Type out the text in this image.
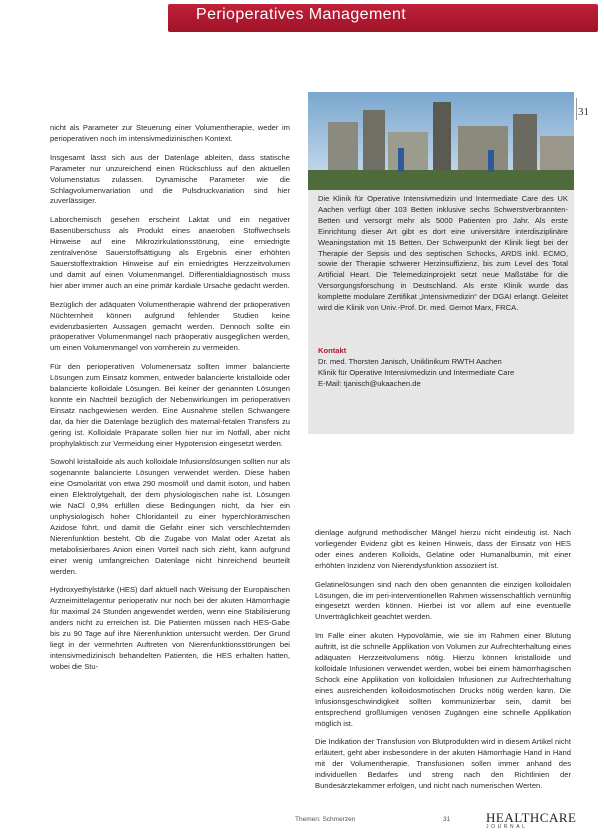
Perioperatives Management
31
Die Klinik für Operative Intensivmedizin und Intermediate Care des UK Aachen verfügt über 103 Betten inklusive sechs Schwerstverbrannten-Betten und versorgt mehr als 5000 Patienten pro Jahr. Als erste Einrichtung dieser Art gibt es dort eine universitäre interdisziplinäre Weaningstation mit 15 Betten. Der Schwerpunkt der Klinik liegt bei der Therapie der Sepsis und des septischen Schocks, ARDS inkl. ECMO, sowie der Therapie schwerer Herzinsuffizienz, bis zum Level des Total Artificial Heart. Die Telemedizinprojekt setzt neue Maßstäbe für die Versorgungsforschung in Deutschland. Als erste Klinik wurde das komplette modulare Zertifikat „Intensivmedizin“ der DGAI erlangt. Geleitet wird die Klinik von Univ.-Prof. Dr. med. Gernot Marx, FRCA.
Kontakt
Dr. med. Thorsten Janisch, Uniklinikum RWTH Aachen
Klinik für Operative Intensivmedizin und Intermediate Care
E-Mail: tjanisch@ukaachen.de

nicht als Parameter zur Steuerung einer Volumentherapie, weder im perioperativen noch im intensivmedizinischen Kontext.

Insgesamt lässt sich aus der Datenlage ableiten, dass statische Parameter nur unzureichend einen Rückschluss auf den aktuellen Volumenstatus zulassen. Dynamische Parameter wie die Schlagvolumenvariation und die Pulsdruckvariation sind hier zuverlässiger.

Laborchemisch gesehen erscheint Laktat und ein negativer Basenüberschuss als Produkt eines anaeroben Stoffwechsels Hinweise auf eine Mikrozirkulationsstörung, eine erniedrigte zentralvenöse Sauerstoffsättigung als Ergebnis einer erhöhten Sauerstoffextraktion Hinweise auf ein erniedrigtes Herzzeitvolumen und damit auf einen Volumenmangel. Differentialdiagnostisch muss hier aber immer auch an eine primär kardiale Ursache gedacht werden.

Bezüglich der adäquaten Volumentherapie während der präoperativen Nüchternheit können aufgrund fehlender Studien keine evidenzbasierten Aussagen gemacht werden. Dennoch sollte ein präoperativer Volumenmangel nach präoperativ ausgeglichen werden, um einen Volumenmangel von vornherein zu vermeiden.

Für den perioperativen Volumenersatz sollten immer balancierte Lösungen zum Einsatz kommen, entweder balancierte kristalloide oder balancierte kolloidale Lösungen. Bei keiner der genannten Lösungen konnte ein Nachteil bezüglich der Nebenwirkungen im perioperativen Einsatz nachgewiesen werden. Eine Ausnahme stellen Schwangere dar, da hier die Datenlage bezüglich des maternal-fetalen Transfers zu gering ist. Kolloidale Präparate sollen hier nur im Notfall, aber nicht prophylaktisch zur Vermeidung einer Hypotension eingesetzt werden.

Sowohl kristalloide als auch kolloidale Infusionslösungen sollten nur als sogenannte balancierte Lösungen verwendet werden. Diese haben eine Osmolarität von etwa 290 mosmol/l und damit isoton, und haben einen Elektrolytgehalt, der dem physiologischen nahe ist. Lösungen wie NaCl 0,9% erfüllen diese Bedingungen nicht, da hier ein unphysiologisch hoher Chloridanteil zu einer hyperchlorämischen Azidose führt, und damit die Gefahr einer sich verschlechternden Nierenfunktion besteht. Ob die Zugabe von Malat oder Azetat als metabolisierbares Anion einen Vorteil nach sich zieht, kann aufgrund einer wenig umfangreichen Datenlage nicht hinreichend beurteilt werden.

Hydroxyethylstärke (HES) darf aktuell nach Weisung der Europäischen Arzneimittelagentur perioperativ nur noch bei der akuten Hämorrhagie für maximal 24 Stunden angewendet werden, wenn eine Stabilisierung anders nicht zu erreichen ist. Die Patienten müssen nach HES-Gabe bis zu 90 Tage auf ihre Nierenfunktion untersucht werden. Der Grund liegt in der vermehrten Auftreten von Nierenfunktionsstörungen bei intensivmedizinisch behandelten Patienten, die HES erhalten hatten, wobei die Stu-

dienlage aufgrund methodischer Mängel hierzu nicht eindeutig ist. Nach vorliegender Evidenz gibt es keinen Hinweis, dass der Einsatz von HES oder eines anderen Kolloids, Gelatine oder Humanalbumin, mit einer erhöhten Inzidenz von Nierendysfunktion assoziiert ist.

Gelatinelösungen sind nach den oben genannten die einzigen kolloidalen Lösungen, die im peri-interventionellen Rahmen wissenschaftlich vernünftig eingesetzt werden können. Hierbei ist vor allem auf eine eventuelle Unverträglichkeit geachtet werden.

Im Falle einer akuten Hypovolämie, wie sie im Rahmen einer Blutung auftritt, ist die schnelle Applikation von Volumen zur Aufrechterhaltung eines adäquaten Herzzeitvolumens nötig. Hierzu können kristalloide und kolloidale Infusionen verwendet werden, wobei bei einem hämorrhagischen Schock eine Applikation von kolloidalen Infusionen zur Aufrechterhaltung eines ausreichenden kolloidosmotischen Drucks nötig werden kann. Die Infusionsgeschwindigkeit sollten kommunizierbar sein, damit bei entsprechend großlumigen venösen Zugängen eine schnelle Applikation möglich ist.

Die Indikation der Transfusion von Blutprodukten wird in diesem Artikel nicht erläutert, geht aber insbesondere in der akuten Hämorrhagie Hand in Hand mit der Volumentherapie. Transfusionen sollen immer anhand des individuellen Bedarfes und streng nach den Richtlinien der Bundesärztekammer erfolgen, und nicht nach numerischen Werten.

Themen: Schmerzen	31	HEALTHCARE
JOURNAL
